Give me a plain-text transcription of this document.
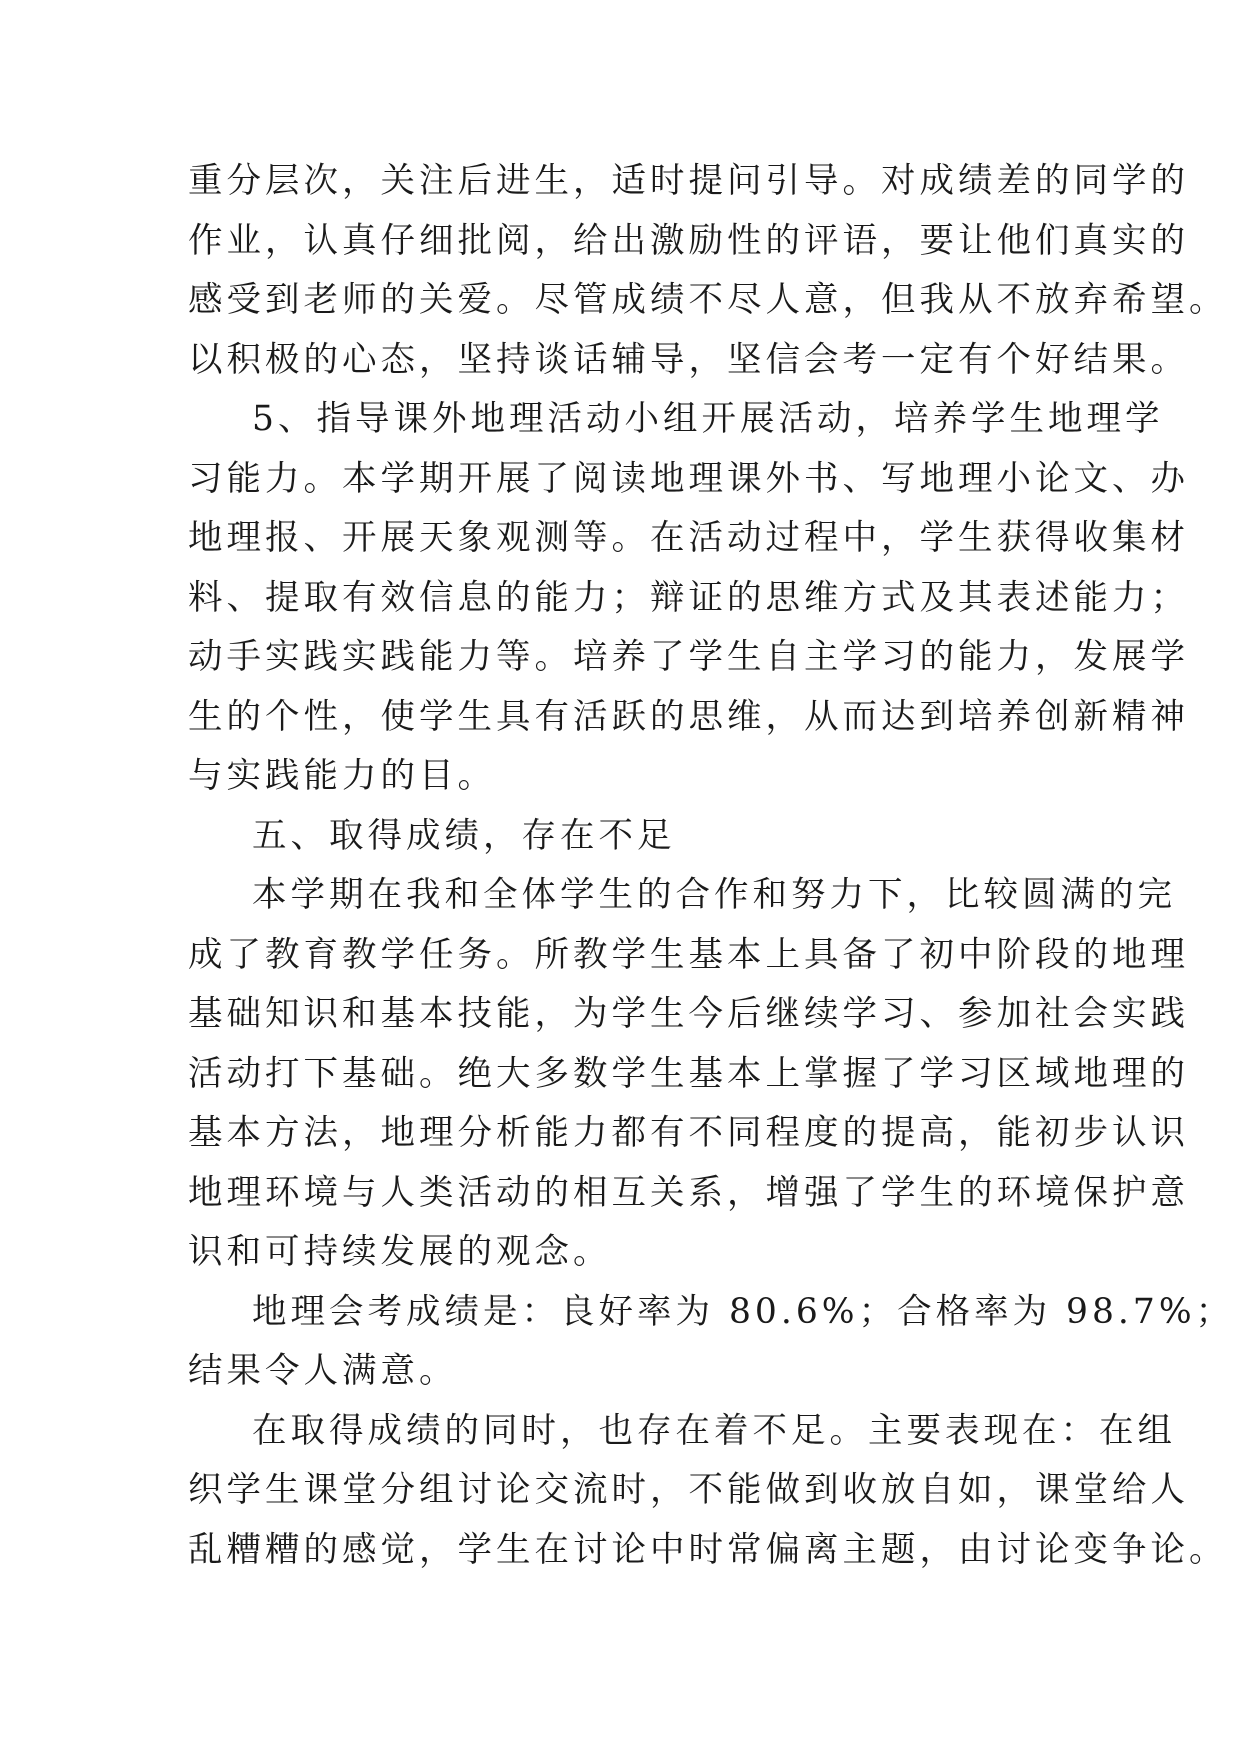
重分层次，关注后进生，适时提问引导。对成绩差的同学的
作业，认真仔细批阅，给出激励性的评语，要让他们真实的
感受到老师的关爱。尽管成绩不尽人意，但我从不放弃希望。
以积极的心态，坚持谈话辅导，坚信会考一定有个好结果。
5、指导课外地理活动小组开展活动，培养学生地理学
习能力。本学期开展了阅读地理课外书、写地理小论文、办
地理报、开展天象观测等。在活动过程中，学生获得收集材
料、提取有效信息的能力；辩证的思维方式及其表述能力；
动手实践实践能力等。培养了学生自主学习的能力，发展学
生的个性，使学生具有活跃的思维，从而达到培养创新精神
与实践能力的目。
五、取得成绩，存在不足
本学期在我和全体学生的合作和努力下，比较圆满的完
成了教育教学任务。所教学生基本上具备了初中阶段的地理
基础知识和基本技能，为学生今后继续学习、参加社会实践
活动打下基础。绝大多数学生基本上掌握了学习区域地理的
基本方法，地理分析能力都有不同程度的提高，能初步认识
地理环境与人类活动的相互关系，增强了学生的环境保护意
识和可持续发展的观念。
地理会考成绩是：良好率为 80.6%；合格率为 98.7%；
结果令人满意。
在取得成绩的同时，也存在着不足。主要表现在：在组
织学生课堂分组讨论交流时，不能做到收放自如，课堂给人
乱糟糟的感觉，学生在讨论中时常偏离主题，由讨论变争论。
